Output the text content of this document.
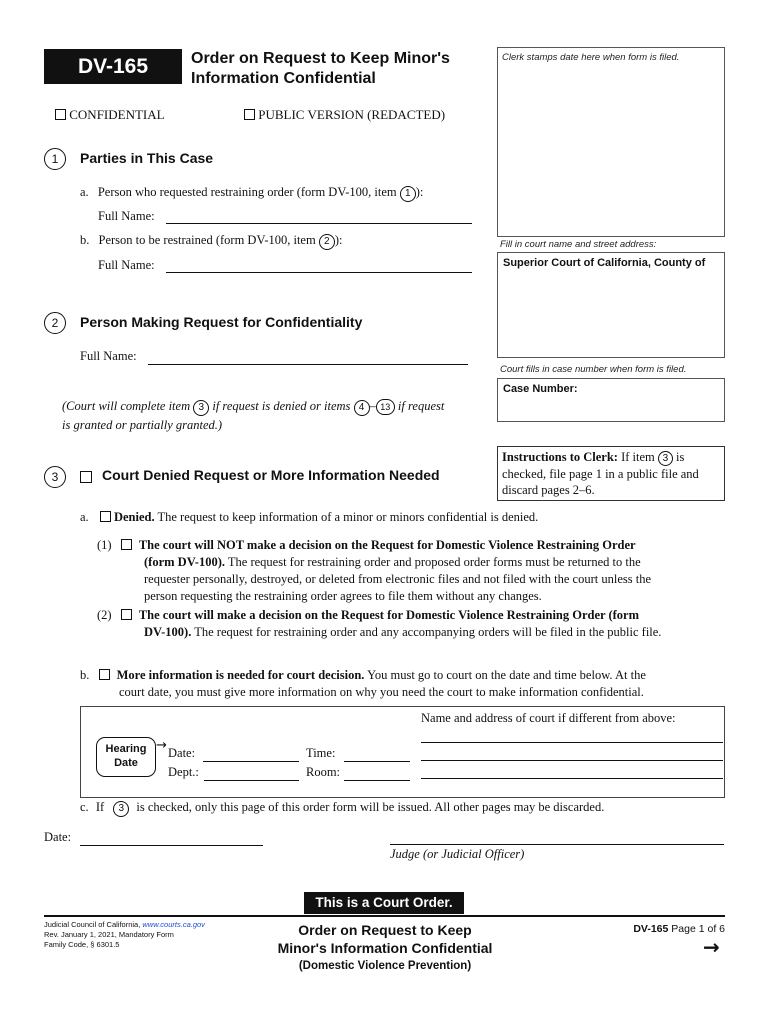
DV-165	Order on Request to Keep Minor's
Information Confidential
CONFIDENTIAL	PUBLIC VERSION (REDACTED)
Clerk stamps date here when form is filed.
Fill in court name and street address:
Superior Court of California, County of
Court fills in case number when form is filed.
Case Number:
Instructions to Clerk: If item 3 is
checked, file page 1 in a public file and
discard pages 2–6.
1	Parties in This Case
a. Person who requested restraining order (form DV-100, item 1 ):
Full Name:
b. Person to be restrained (form DV-100, item 2 ):
Full Name:
2	Person Making Request for Confidentiality
Full Name:
(Court will complete item 3 if request is denied or items 4 – 13 if request
is granted or partially granted.)
3	Court Denied Request or More Information Needed
a. Denied. The request to keep information of a minor or minors confidential is denied.
(1) The court will NOT make a decision on the Request for Domestic Violence Restraining Order
(form DV-100). The request for restraining order and proposed order forms must be returned to the
requester personally, destroyed, or deleted from electronic files and not filed with the court unless the
person requesting the restraining order agrees to file them without any changes.
(2) The court will make a decision on the Request for Domestic Violence Restraining Order (form
DV-100). The request for restraining order and any accompanying orders will be filed in the public file.
b. More information is needed for court decision. You must go to court on the date and time below. At the
court date, you must give more information on why you need the court to make information confidential.
Name and address of court if different from above:
Hearing
Date
→ Date:	Time:
Dept.:	Room:
c. If 3 is checked, only this page of this order form will be issued. All other pages may be discarded.
Date:
Judge (or Judicial Officer)
This is a Court Order.
Judicial Council of California, www.courts.ca.gov
Rev. January 1, 2021, Mandatory Form
Family Code, § 6301.5
Order on Request to Keep
Minor's Information Confidential
(Domestic Violence Prevention)
DV-165 Page 1 of 6
→
